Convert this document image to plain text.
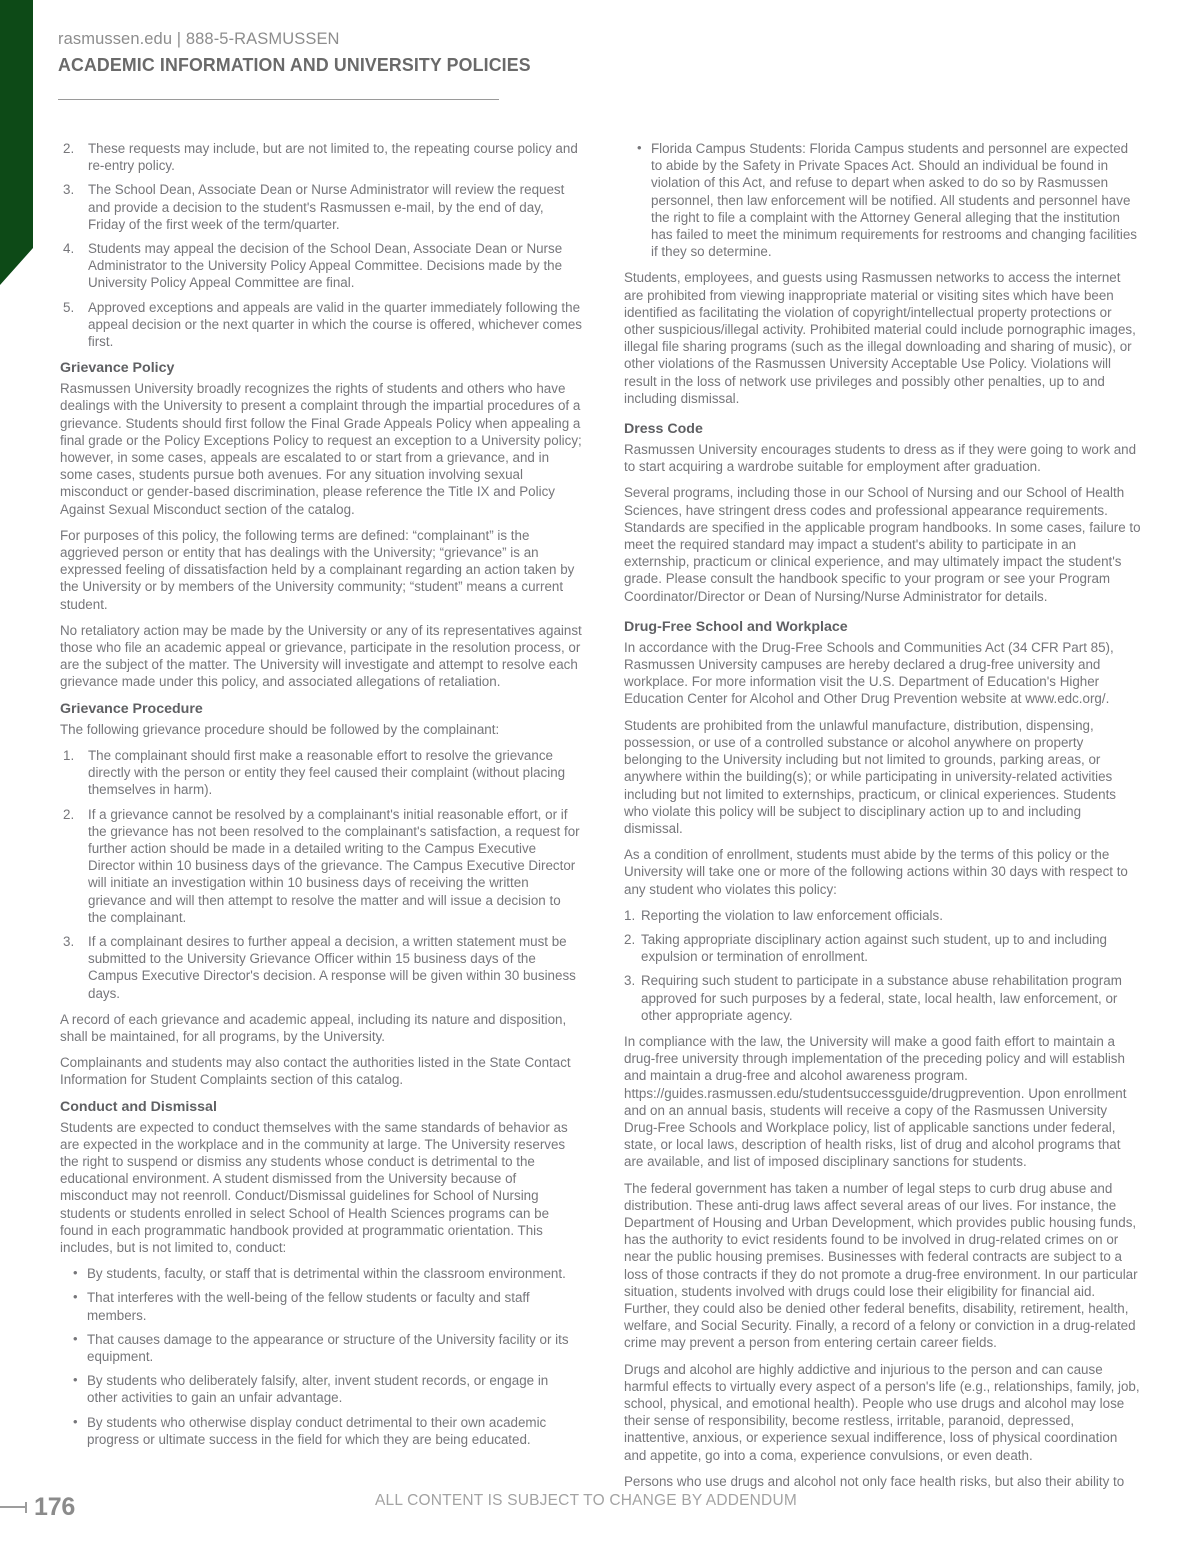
rasmussen.edu | 888-5-RASMUSSEN
ACADEMIC INFORMATION AND UNIVERSITY POLICIES
2.	These requests may include, but are not limited to, the repeating course policy and re-entry policy.
3.	The School Dean, Associate Dean or Nurse Administrator will review the request and provide a decision to the student's Rasmussen e-mail, by the end of day, Friday of the first week of the term/quarter.
4.	Students may appeal the decision of the School Dean, Associate Dean or Nurse Administrator to the University Policy Appeal Committee. Decisions made by the University Policy Appeal Committee are final.
5.	Approved exceptions and appeals are valid in the quarter immediately following the appeal decision or the next quarter in which the course is offered, whichever comes first.
Grievance Policy

Rasmussen University broadly recognizes the rights of students and others who have dealings with the University to present a complaint through the impartial procedures of a grievance. Students should first follow the Final Grade Appeals Policy when appealing a final grade or the Policy Exceptions Policy to request an exception to a University policy; however, in some cases, appeals are escalated to or start from a grievance, and in some cases, students pursue both avenues. For any situation involving sexual misconduct or gender-based discrimination, please reference the Title IX and Policy Against Sexual Misconduct section of the catalog.

For purposes of this policy, the following terms are defined: “complainant” is the aggrieved person or entity that has dealings with the University; “grievance” is an expressed feeling of dissatisfaction held by a complainant regarding an action taken by the University or by members of the University community; “student” means a current student.

No retaliatory action may be made by the University or any of its representatives against those who file an academic appeal or grievance, participate in the resolution process, or are the subject of the matter. The University will investigate and attempt to resolve each grievance made under this policy, and associated allegations of retaliation.

Grievance Procedure

The following grievance procedure should be followed by the complainant:

1.	The complainant should first make a reasonable effort to resolve the grievance directly with the person or entity they feel caused their complaint (without placing themselves in harm).
2.	If a grievance cannot be resolved by a complainant's initial reasonable effort, or if the grievance has not been resolved to the complainant's satisfaction, a request for further action should be made in a detailed writing to the Campus Executive Director within 10 business days of the grievance. The Campus Executive Director will initiate an investigation within 10 business days of receiving the written grievance and will then attempt to resolve the matter and will issue a decision to the complainant.
3.	If a complainant desires to further appeal a decision, a written statement must be submitted to the University Grievance Officer within 15 business days of the Campus Executive Director's decision. A response will be given within 30 business days.

A record of each grievance and academic appeal, including its nature and disposition, shall be maintained, for all programs, by the University.

Complainants and students may also contact the authorities listed in the State Contact Information for Student Complaints section of this catalog.

Conduct and Dismissal

Students are expected to conduct themselves with the same standards of behavior as are expected in the workplace and in the community at large. The University reserves the right to suspend or dismiss any students whose conduct is detrimental to the educational environment. A student dismissed from the University because of misconduct may not reenroll. Conduct/Dismissal guidelines for School of Nursing students or students enrolled in select School of Health Sciences programs can be found in each programmatic handbook provided at programmatic orientation. This includes, but is not limited to, conduct:

• By students, faculty, or staff that is detrimental within the classroom environment.
• That interferes with the well-being of the fellow students or faculty and staff members.
• That causes damage to the appearance or structure of the University facility or its equipment.
• By students who deliberately falsify, alter, invent student records, or engage in other activities to gain an unfair advantage.
• By students who otherwise display conduct detrimental to their own academic progress or ultimate success in the field for which they are being educated.
• Florida Campus Students: Florida Campus students and personnel are expected to abide by the Safety in Private Spaces Act. Should an individual be found in violation of this Act, and refuse to depart when asked to do so by Rasmussen personnel, then law enforcement will be notified. All students and personnel have the right to file a complaint with the Attorney General alleging that the institution has failed to meet the minimum requirements for restrooms and changing facilities if they so determine.

Students, employees, and guests using Rasmussen networks to access the internet are prohibited from viewing inappropriate material or visiting sites which have been identified as facilitating the violation of copyright/intellectual property protections or other suspicious/illegal activity. Prohibited material could include pornographic images, illegal file sharing programs (such as the illegal downloading and sharing of music), or other violations of the Rasmussen University Acceptable Use Policy. Violations will result in the loss of network use privileges and possibly other penalties, up to and including dismissal.

Dress Code

Rasmussen University encourages students to dress as if they were going to work and to start acquiring a wardrobe suitable for employment after graduation.

Several programs, including those in our School of Nursing and our School of Health Sciences, have stringent dress codes and professional appearance requirements. Standards are specified in the applicable program handbooks. In some cases, failure to meet the required standard may impact a student's ability to participate in an externship, practicum or clinical experience, and may ultimately impact the student's grade. Please consult the handbook specific to your program or see your Program Coordinator/Director or Dean of Nursing/Nurse Administrator for details.

Drug-Free School and Workplace

In accordance with the Drug-Free Schools and Communities Act (34 CFR Part 85), Rasmussen University campuses are hereby declared a drug-free university and workplace. For more information visit the U.S. Department of Education's Higher Education Center for Alcohol and Other Drug Prevention website at www.edc.org/.

Students are prohibited from the unlawful manufacture, distribution, dispensing, possession, or use of a controlled substance or alcohol anywhere on property belonging to the University including but not limited to grounds, parking areas, or anywhere within the building(s); or while participating in university-related activities including but not limited to externships, practicum, or clinical experiences. Students who violate this policy will be subject to disciplinary action up to and including dismissal.

As a condition of enrollment, students must abide by the terms of this policy or the University will take one or more of the following actions within 30 days with respect to any student who violates this policy:

1. Reporting the violation to law enforcement officials.
2. Taking appropriate disciplinary action against such student, up to and including expulsion or termination of enrollment.
3. Requiring such student to participate in a substance abuse rehabilitation program approved for such purposes by a federal, state, local health, law enforcement, or other appropriate agency.

In compliance with the law, the University will make a good faith effort to maintain a drug-free university through implementation of the preceding policy and will establish and maintain a drug-free and alcohol awareness program. https://guides.rasmussen.edu/studentsuccessguide/drugprevention. Upon enrollment and on an annual basis, students will receive a copy of the Rasmussen University Drug-Free Schools and Workplace policy, list of applicable sanctions under federal, state, or local laws, description of health risks, list of drug and alcohol programs that are available, and list of imposed disciplinary sanctions for students.

The federal government has taken a number of legal steps to curb drug abuse and distribution. These anti-drug laws affect several areas of our lives. For instance, the Department of Housing and Urban Development, which provides public housing funds, has the authority to evict residents found to be involved in drug-related crimes on or near the public housing premises. Businesses with federal contracts are subject to a loss of those contracts if they do not promote a drug-free environment. In our particular situation, students involved with drugs could lose their eligibility for financial aid. Further, they could also be denied other federal benefits, disability, retirement, health, welfare, and Social Security. Finally, a record of a felony or conviction in a drug-related crime may prevent a person from entering certain career fields.

Drugs and alcohol are highly addictive and injurious to the person and can cause harmful effects to virtually every aspect of a person's life (e.g., relationships, family, job, school, physical, and emotional health). People who use drugs and alcohol may lose their sense of responsibility, become restless, irritable, paranoid, depressed, inattentive, anxious, or experience sexual indifference, loss of physical coordination and appetite, go into a coma, experience convulsions, or even death.

Persons who use drugs and alcohol not only face health risks, but also their ability to

176	ALL CONTENT IS SUBJECT TO CHANGE BY ADDENDUM
